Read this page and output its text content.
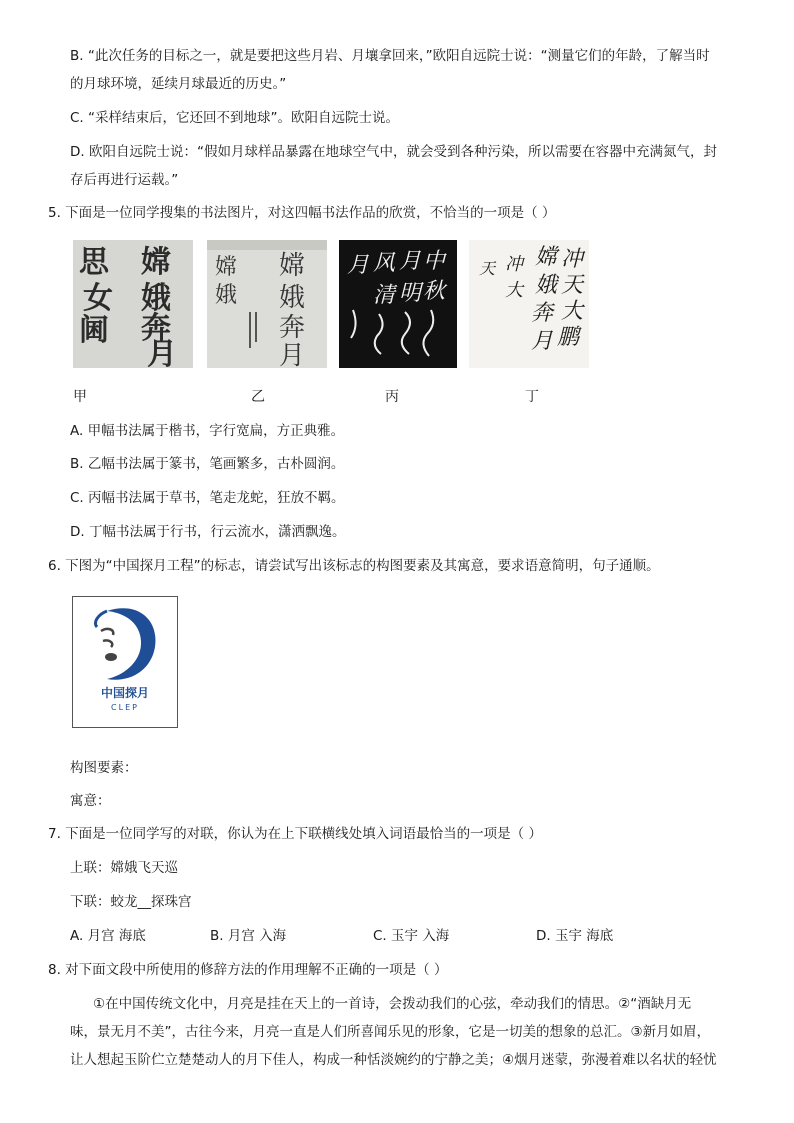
B. “此次任务的目标之一，就是要把这些月岩、月壤拿回来，”欧阳自远院士说：“测量它们的年龄，了解当时
的月球环境，延续月球最近的历史。”
C. “采样结束后，它还回不到地球”。欧阳自远院士说。
D. 欧阳自远院士说：“假如月球样品暴露在地球空气中，就会受到各种污染，所以需要在容器中充满氮气，封
存后再进行运载。”
5. 下面是一位同学搜集的书法图片，对这四幅书法作品的欣赏，不恰当的一项是（ ）
嫦
娥
奔
月
思
女
阃
嫦
娥
奔
月
嫦
娥
中
秋
月
明
风
清
月	冲
天
大
鹏
嫦
娥
奔
月
冲
大
天
甲	乙	丙	丁
A. 甲幅书法属于楷书，字行宽扁，方正典雅。
B. 乙幅书法属于篆书，笔画繁多，古朴圆润。
C. 丙幅书法属于草书，笔走龙蛇，狂放不羁。
D. 丁幅书法属于行书，行云流水，潇洒飘逸。
6. 下图为“中国探月工程”的标志，请尝试写出该标志的构图要素及其寓意，要求语意简明，句子通顺。
中国探月
CLEP
构图要素：
寓意：
7. 下面是一位同学写的对联，你认为在上下联横线处填入词语最恰当的一项是（ ）
上联：嫦娥飞天巡
下联：蛟龙__探珠宫
A. 月宫 海底	B. 月宫 入海	C. 玉宇 入海	D. 玉宇 海底
8. 对下面文段中所使用的修辞方法的作用理解不正确的一项是（ ）
①在中国传统文化中，月亮是挂在天上的一首诗，会拨动我们的心弦，牵动我们的情思。②“酒缺月无
味，景无月不美”，古往今来，月亮一直是人们所喜闻乐见的形象，它是一切美的想象的总汇。③新月如眉，
让人想起玉阶伫立楚楚动人的月下佳人，构成一种恬淡婉约的宁静之美；④烟月迷蒙，弥漫着难以名状的轻忧
